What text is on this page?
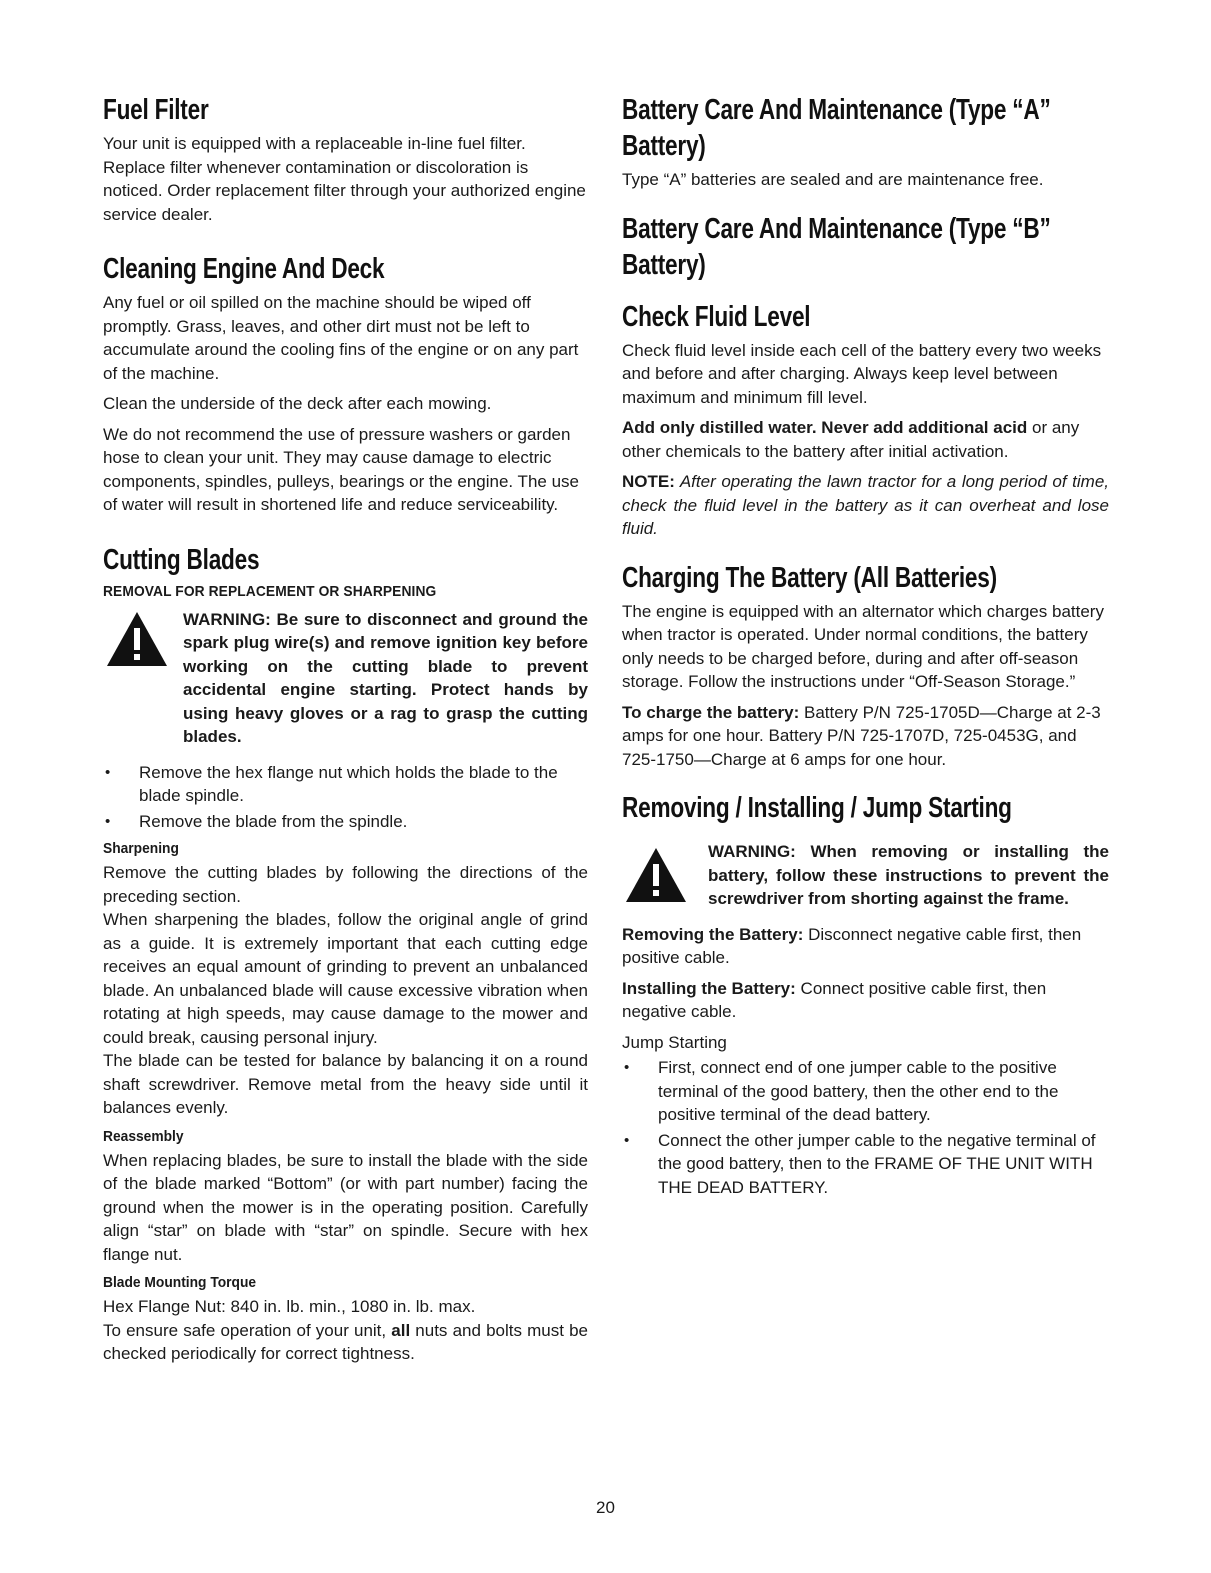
Fuel Filter

Your unit is equipped with a replaceable in-line fuel filter. Replace filter whenever contamination or discoloration is noticed. Order replacement filter through your authorized engine service dealer.

Cleaning Engine And Deck

Any fuel or oil spilled on the machine should be wiped off promptly. Grass, leaves, and other dirt must not be left to accumulate around the cooling fins of the engine or on any part of the machine.

Clean the underside of the deck after each mowing.

We do not recommend the use of pressure washers or garden hose to clean your unit. They may cause damage to electric components, spindles, pulleys, bearings or the engine. The use of water will result in shortened life and reduce serviceability.

Cutting Blades
REMOVAL FOR REPLACEMENT OR SHARPENING

WARNING: Be sure to disconnect and ground the spark plug wire(s) and remove ignition key before working on the cutting blade to prevent accidental engine starting. Protect hands by using heavy gloves or a rag to grasp the cutting blades.

• Remove the hex flange nut which holds the blade to the blade spindle.
• Remove the blade from the spindle.
Sharpening

Remove the cutting blades by following the directions of the preceding section.

When sharpening the blades, follow the original angle of grind as a guide. It is extremely important that each cutting edge receives an equal amount of grinding to prevent an unbalanced blade. An unbalanced blade will cause excessive vibration when rotating at high speeds, may cause damage to the mower and could break, causing personal injury.

The blade can be tested for balance by balancing it on a round shaft screwdriver. Remove metal from the heavy side until it balances evenly.

Reassembly

When replacing blades, be sure to install the blade with the side of the blade marked “Bottom” (or with part number) facing the ground when the mower is in the operating position. Carefully align “star” on blade with “star” on spindle. Secure with hex flange nut.

Blade Mounting Torque

Hex Flange Nut: 840 in. lb. min., 1080 in. lb. max.

To ensure safe operation of your unit, all nuts and bolts must be checked periodically for correct tightness.

Battery Care And Maintenance (Type “A” Battery)

Type “A” batteries are sealed and are maintenance free.

Battery Care And Maintenance (Type “B” Battery)
Check Fluid Level

Check fluid level inside each cell of the battery every two weeks and before and after charging. Always keep level between maximum and minimum fill level.

Add only distilled water. Never add additional acid or any other chemicals to the battery after initial activation.

NOTE: After operating the lawn tractor for a long period of time, check the fluid level in the battery as it can overheat and lose fluid.

Charging The Battery (All Batteries)

The engine is equipped with an alternator which charges battery when tractor is operated. Under normal conditions, the battery only needs to be charged before, during and after off-season storage. Follow the instructions under “Off-Season Storage.”

To charge the battery: Battery P/N 725-1705D—Charge at 2-3 amps for one hour. Battery P/N 725-1707D, 725-0453G, and 725-1750—Charge at 6 amps for one hour.

Removing / Installing / Jump Starting

WARNING: When removing or installing the battery, follow these instructions to prevent the screwdriver from shorting against the frame.

Removing the Battery: Disconnect negative cable first, then positive cable.

Installing the Battery: Connect positive cable first, then negative cable.

Jump Starting

• First, connect end of one jumper cable to the positive terminal of the good battery, then the other end to the positive terminal of the dead battery.
• Connect the other jumper cable to the negative terminal of the good battery, then to the FRAME OF THE UNIT WITH THE DEAD BATTERY.
20
